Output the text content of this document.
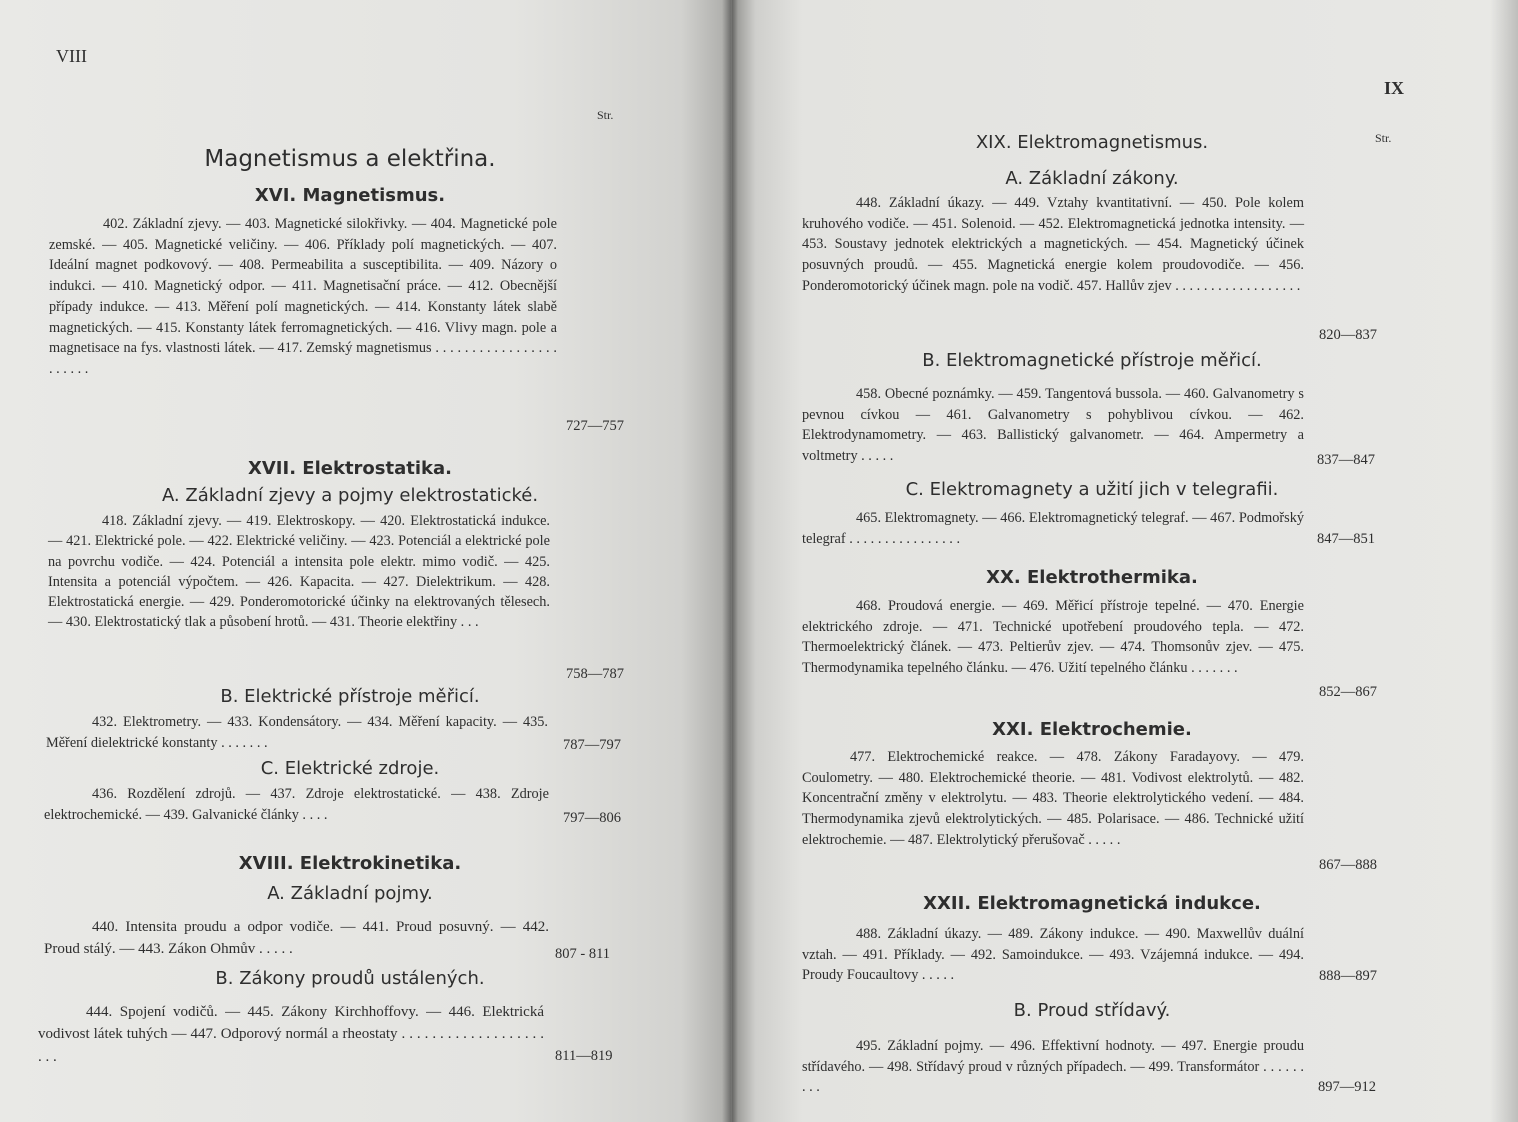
VIII
Str.
Magnetismus a elektřina.
XVI. Magnetismus.
402. Základní zjevy. — 403. Magnetické silokřivky. — 404. Magnetické pole zemské. — 405. Magnetické veličiny. — 406. Příklady polí magnetických. — 407. Ideální magnet podkovový. — 408. Permeabilita a susceptibilita. — 409. Názory o indukci. — 410. Magnetický odpor. — 411. Magnetisační práce. — 412. Obecnější případy indukce. — 413. Měření polí magnetických. — 414. Konstanty látek slabě magnetických. — 415. Konstanty látek ferromagnetických. — 416. Vlivy magn. pole a magnetisace na fys. vlastnosti látek. — 417. Zemský magnetismus . . . . . . . . . . . . . . . . . . . . . . .
727—757
XVII. Elektrostatika.
A. Základní zjevy a pojmy elektrostatické.
418. Základní zjevy. — 419. Elektroskopy. — 420. Elektrostatická indukce. — 421. Elektrické pole. — 422. Elektrické veličiny. — 423. Potenciál a elektrické pole na povrchu vodiče. — 424. Potenciál a intensita pole elektr. mimo vodič. — 425. Intensita a potenciál výpočtem. — 426. Kapacita. — 427. Dielektrikum. — 428. Elektrostatická energie. — 429. Ponderomotorické účinky na elektrovaných tělesech. — 430. Elektrostatický tlak a působení hrotů. — 431. Theorie elektřiny . . .
758—787
B. Elektrické přístroje měřicí.
432. Elektrometry. — 433. Kondensátory. — 434. Měření kapacity. — 435. Měření dielektrické konstanty . . . . . . .	787—797
C. Elektrické zdroje.
436. Rozdělení zdrojů. — 437. Zdroje elektrostatické. — 438. Zdroje elektrochemické. — 439. Galvanické články . . . .	797—806
XVIII. Elektrokinetika.
A. Základní pojmy.
440. Intensita proudu a odpor vodiče. — 441. Proud posuvný. — 442. Proud stálý. — 443. Zákon Ohmův . . . . .	807 - 811
B. Zákony proudů ustálených.
444. Spojení vodičů. — 445. Zákony Kirchhoffovy. — 446. Elektrická vodivost látek tuhých — 447. Odporový normál a rheostaty . . . . . . . . . . . . . . . . . . . . . .	811—819
IX
Str.
XIX. Elektromagnetismus.
A. Základní zákony.
448. Základní úkazy. — 449. Vztahy kvantitativní. — 450. Pole kolem kruhového vodiče. — 451. Solenoid. — 452. Elektromagnetická jednotka intensity. — 453. Soustavy jednotek elektrických a magnetických. — 454. Magnetický účinek posuvných proudů. — 455. Magnetická energie kolem proudovodiče. — 456. Ponderomotorický účinek magn. pole na vodič. 457. Hallův zjev . . . . . . . . . . . . . . . . . .
820—837
B. Elektromagnetické přístroje měřicí.
458. Obecné poznámky. — 459. Tangentová bussola. — 460. Galvanometry s pevnou cívkou — 461. Galvanometry s pohyblivou cívkou. — 462. Elektrodynamometry. — 463. Ballistický galvanometr. — 464. Ampermetry a voltmetry . . . . .	837—847
C. Elektromagnety a užití jich v telegrafii.
465. Elektromagnety. — 466. Elektromagnetický telegraf. — 467. Podmořský telegraf . . . . . . . . . . . . . . . .	847—851
XX. Elektrothermika.
468. Proudová energie. — 469. Měřicí přístroje tepelné. — 470. Energie elektrického zdroje. — 471. Technické upotřebení proudového tepla. — 472. Thermoelektrický článek. — 473. Peltierův zjev. — 474. Thomsonův zjev. — 475. Thermodynamika tepelného článku. — 476. Užití tepelného článku . . . . . . .
852—867
XXI. Elektrochemie.
477. Elektrochemické reakce. — 478. Zákony Faradayovy. — 479. Coulometry. — 480. Elektrochemické theorie. — 481. Vodivost elektrolytů. — 482. Koncentrační změny v elektrolytu. — 483. Theorie elektrolytického vedení. — 484. Thermodynamika zjevů elektrolytických. — 485. Polarisace. — 486. Technické užití elektrochemie. — 487. Elektrolytický přerušovač . . . . .
867—888
XXII. Elektromagnetická indukce.
488. Základní úkazy. — 489. Zákony indukce. — 490. Maxwellův duální vztah. — 491. Příklady. — 492. Samoindukce. — 493. Vzájemná indukce. — 494. Proudy Foucaultovy . . . . .	888—897
B. Proud střídavý.
495. Základní pojmy. — 496. Effektivní hodnoty. — 497. Energie proudu střídavého. — 498. Střídavý proud v různých případech. — 499. Transformátor . . . . . . . . .	897—912
